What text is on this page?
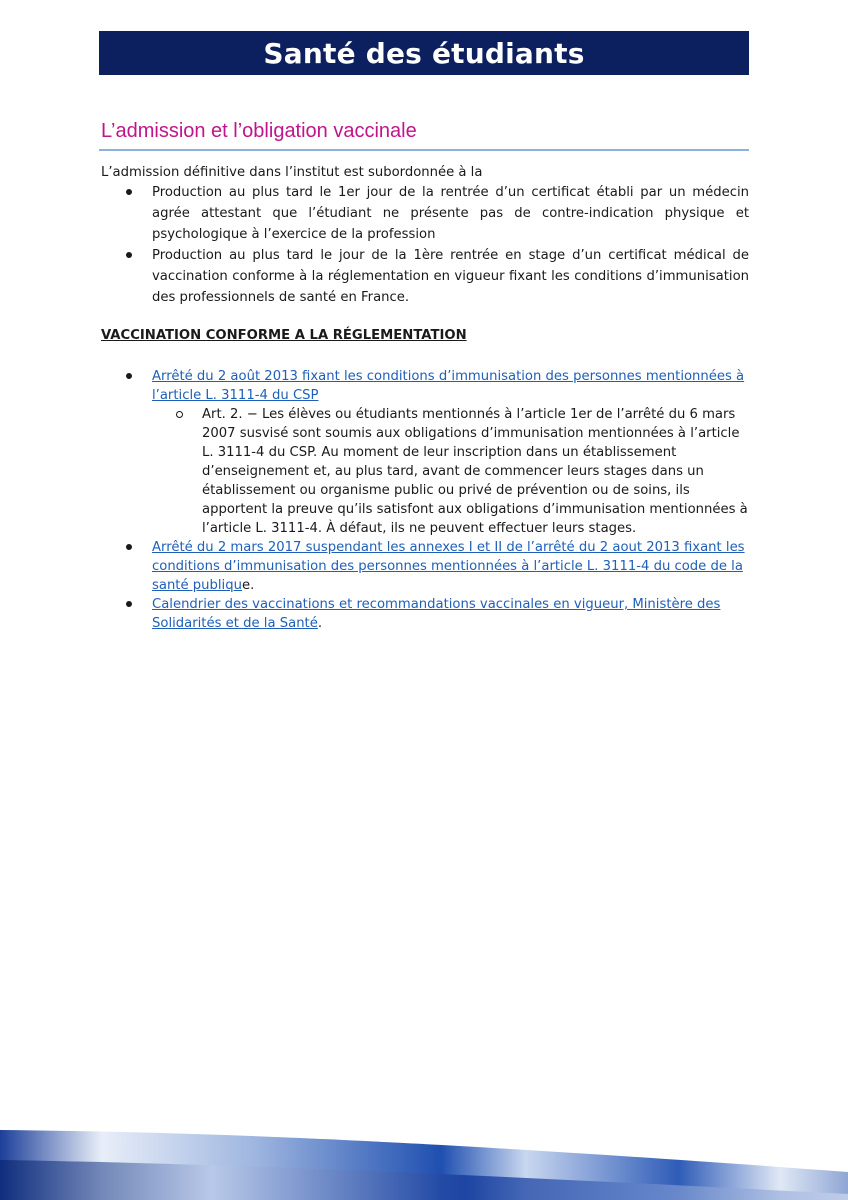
Santé des étudiants
L’admission et l’obligation vaccinale
L’admission définitive dans l’institut est subordonnée à la
Production au plus tard le 1er jour de la rentrée d’un certificat établi par un médecin agrée attestant que l’étudiant ne présente pas de contre-indication physique et psychologique à l’exercice de la profession
Production au plus tard le jour de la 1ère rentrée en stage d’un certificat médical de vaccination conforme à la réglementation en vigueur fixant les conditions d’immunisation des professionnels de santé en France.
VACCINATION CONFORME A LA RÉGLEMENTATION
Arrêté du 2 août 2013 fixant les conditions d’immunisation des personnes mentionnées à l’article L. 3111-4 du CSP
Art. 2. − Les élèves ou étudiants mentionnés à l’article 1er de l’arrêté du 6 mars 2007 susvisé sont soumis aux obligations d’immunisation mentionnées à l’article L. 3111-4 du CSP. Au moment de leur inscription dans un établissement d’enseignement et, au plus tard, avant de commencer leurs stages dans un établissement ou organisme public ou privé de prévention ou de soins, ils apportent la preuve qu’ils satisfont aux obligations d’immunisation mentionnées à l’article L. 3111-4. À défaut, ils ne peuvent effectuer leurs stages.
Arrêté du 2 mars 2017 suspendant les annexes I et II de l’arrêté du 2 aout 2013 fixant les conditions d’immunisation des personnes mentionnées à l’article L. 3111-4 du code de la santé publique.
Calendrier des vaccinations et recommandations vaccinales en vigueur, Ministère des Solidarités et de la Santé.
